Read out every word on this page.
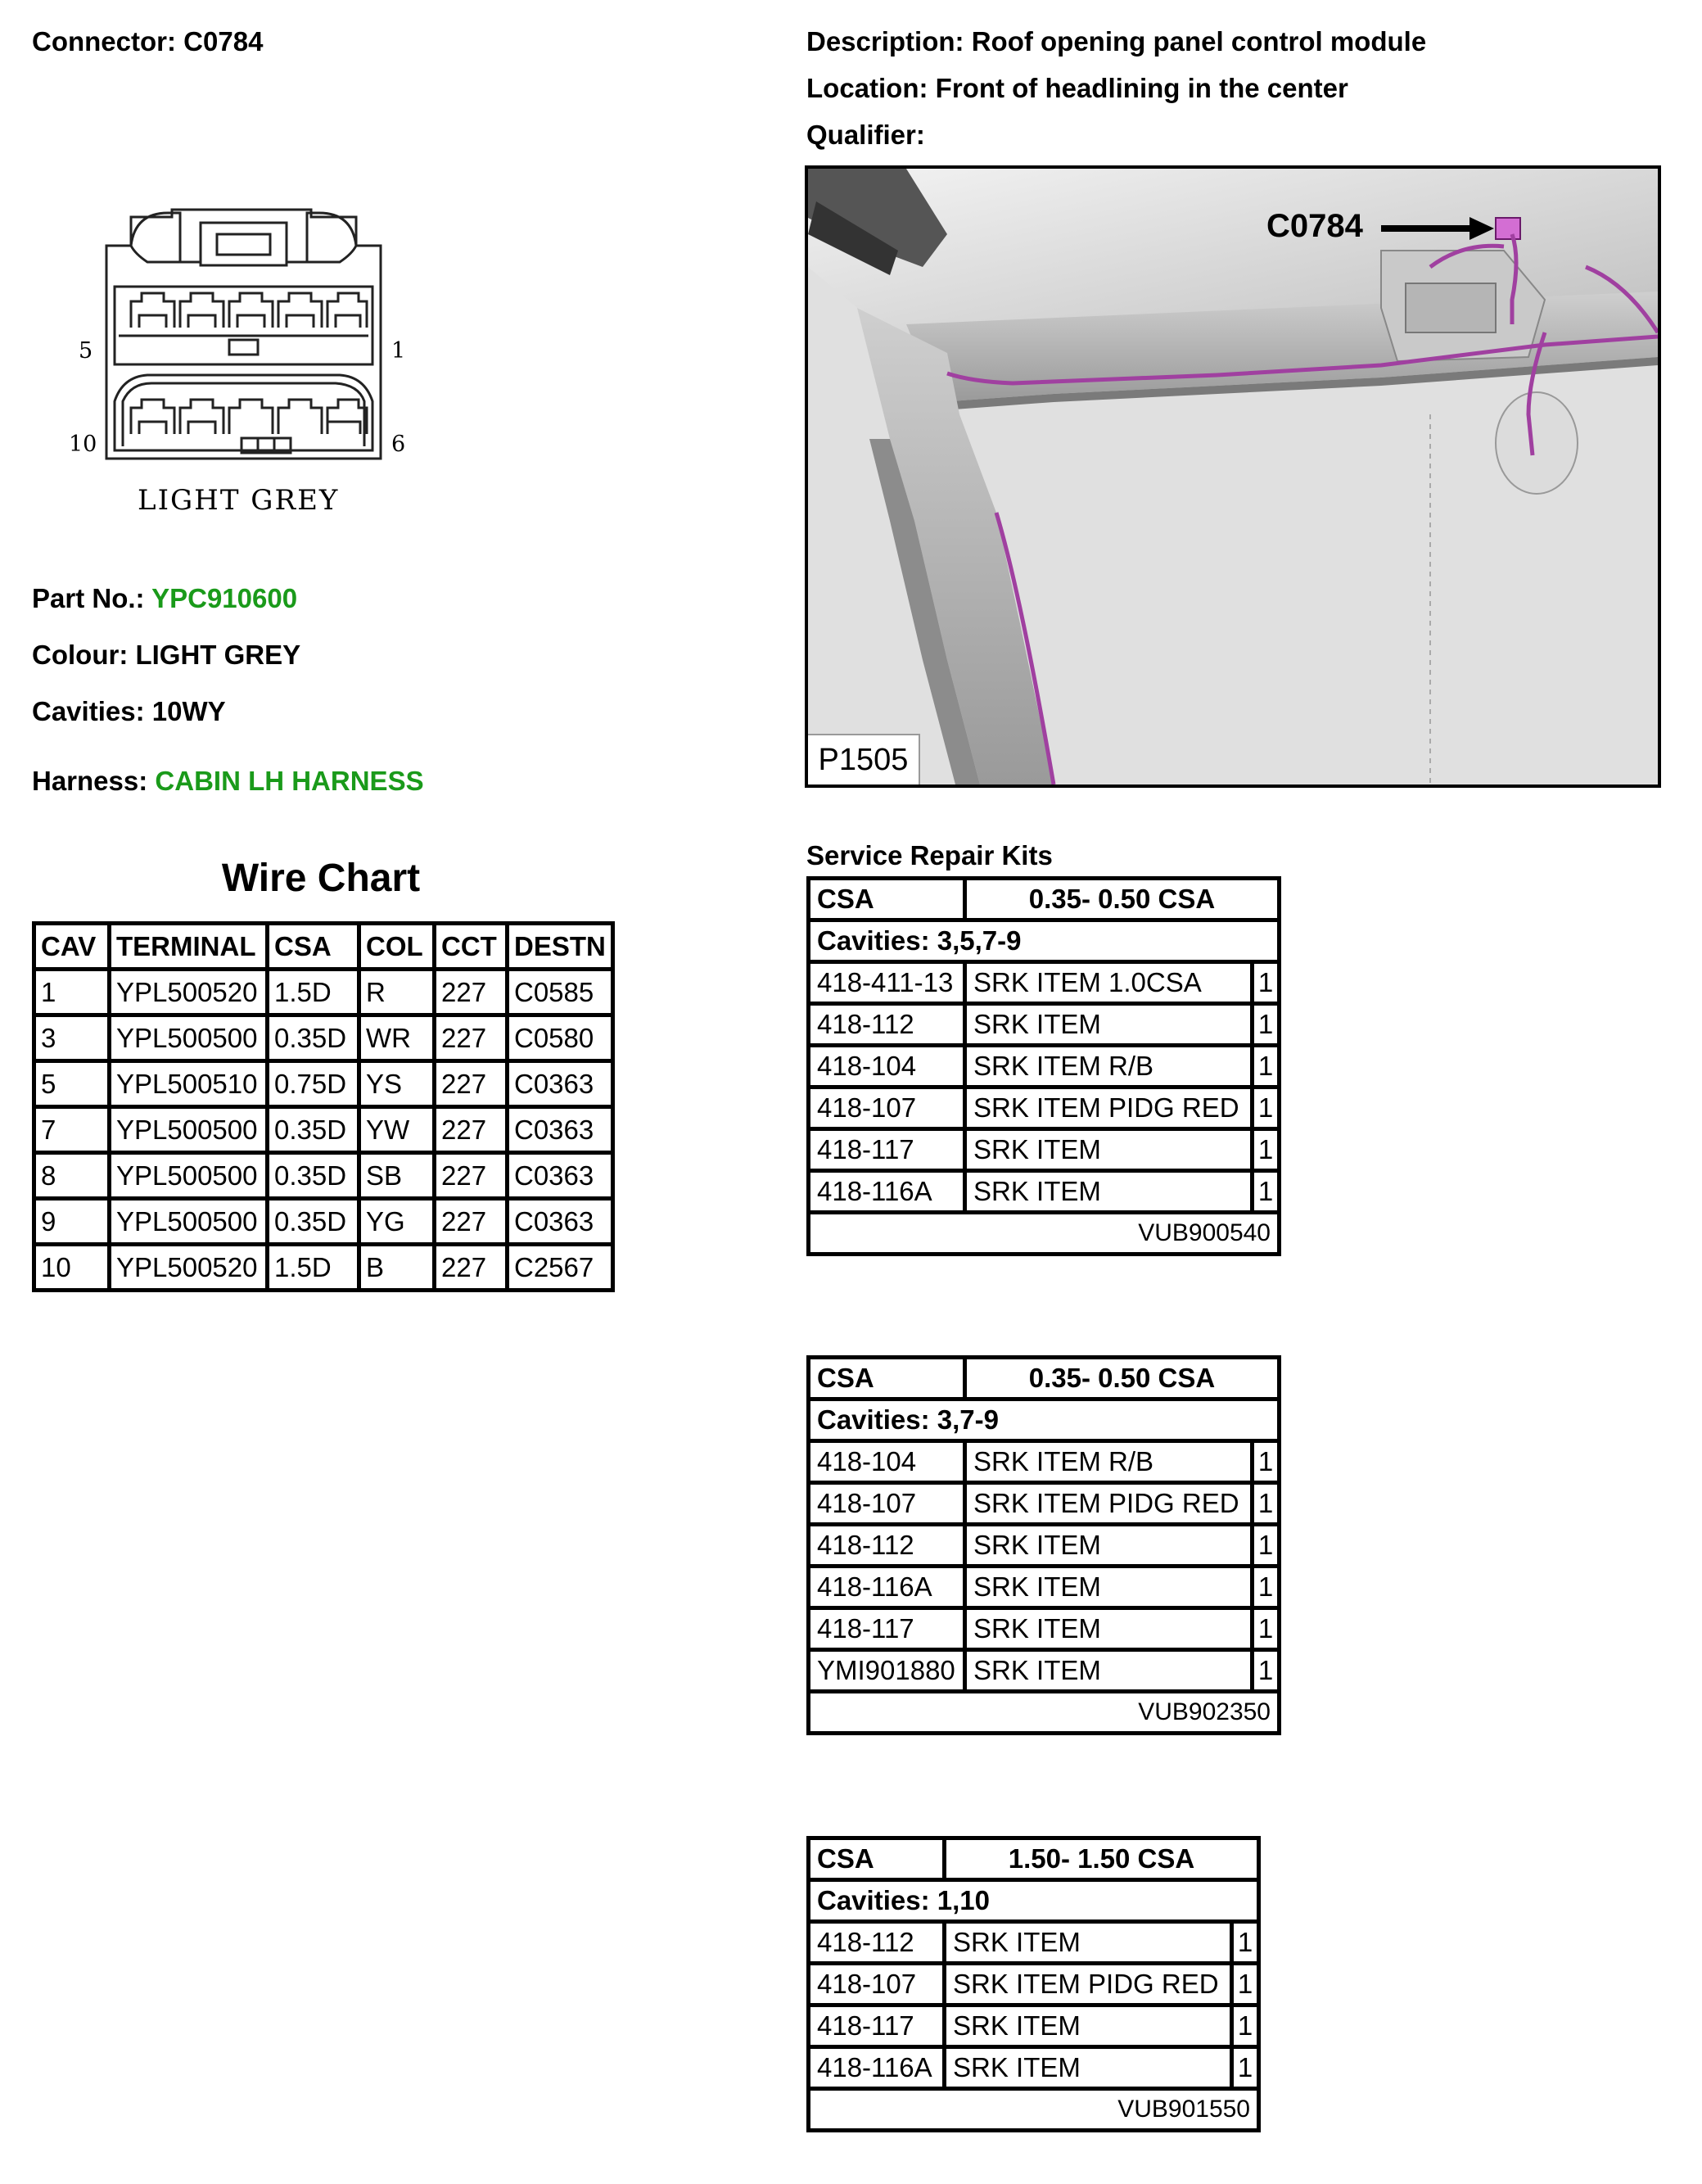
Connector: C0784	Description: Roof opening panel control module
Location: Front of headlining in the center
Qualifier:
5	1
10	6
LIGHT GREY
C0784
P1505
Part No.: YPC910600
Colour: LIGHT GREY
Cavities: 10WY
Harness: CABIN LH HARNESS
Wire Chart
CAV	TERMINAL	CSA	COL	CCT	DESTN
1	YPL500520	1.5D	R	227	C0585
3	YPL500500	0.35D	WR	227	C0580
5	YPL500510	0.75D	YS	227	C0363
7	YPL500500	0.35D	YW	227	C0363
8	YPL500500	0.35D	SB	227	C0363
9	YPL500500	0.35D	YG	227	C0363
10	YPL500520	1.5D	B	227	C2567
Service Repair Kits
CSA	0.35- 0.50 CSA	
Cavities: 3,5,7-9		
418-411-13	SRK ITEM 1.0CSA	1
418-112	SRK ITEM	1
418-104	SRK ITEM R/B	1
418-107	SRK ITEM PIDG RED	1
418-117	SRK ITEM	1
418-116A	SRK ITEM	1
VUB900540		
CSA	0.35- 0.50 CSA	
Cavities: 3,7-9		
418-104	SRK ITEM R/B	1
418-107	SRK ITEM PIDG RED	1
418-112	SRK ITEM	1
418-116A	SRK ITEM	1
418-117	SRK ITEM	1
YMI901880	SRK ITEM	1
VUB902350		
CSA	1.50- 1.50 CSA	
Cavities: 1,10		
418-112	SRK ITEM	1
418-107	SRK ITEM PIDG RED	1
418-117	SRK ITEM	1
418-116A	SRK ITEM	1
VUB901550		
